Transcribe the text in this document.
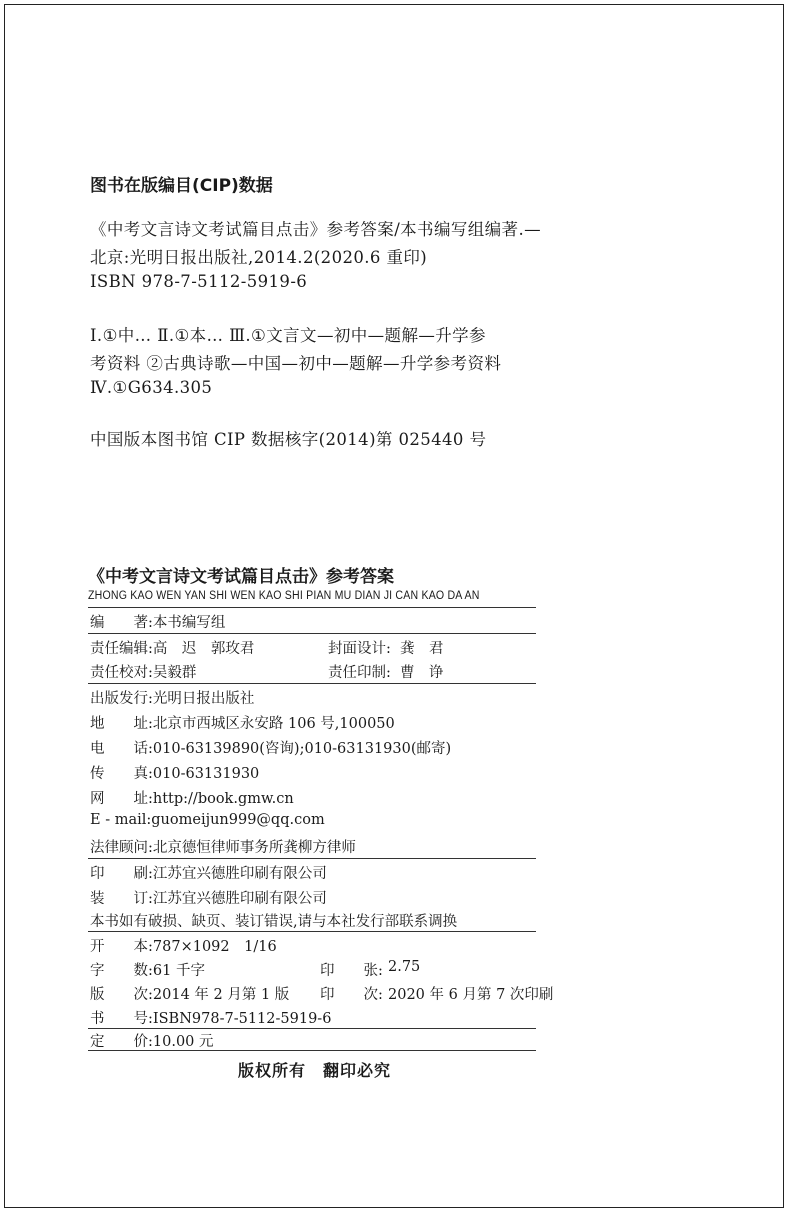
图书在版编目(CIP)数据
《中考文言诗文考试篇目点击》参考答案/本书编写组编著.—
北京:光明日报出版社,2014.2(2020.6 重印)
ISBN 978-7-5112-5919-6
Ⅰ.①中… Ⅱ.①本… Ⅲ.①文言文—初中—题解—升学参
考资料 ②古典诗歌—中国—初中—题解—升学参考资料
Ⅳ.①G634.305
中国版本图书馆 CIP 数据核字(2014)第 025440 号
《中考文言诗文考试篇目点击》参考答案
ZHONG KAO WEN YAN SHI WEN KAO SHI PIAN MU DIAN JI CAN KAO DA AN
编　　著:本书编写组
责任编辑:高　迟　郭玫君	封面设计: 龚　君
责任校对:吴毅群	责任印制: 曹　诤
出版发行:光明日报出版社
地　　址:北京市西城区永安路 106 号,100050
电　　话:010-63139890(咨询);010-63131930(邮寄)
传　　真:010-63131930
网　　址:http://book.gmw.cn
E - mail:guomeijun999@qq.com
法律顾问:北京德恒律师事务所龚柳方律师
印　　刷:江苏宜兴德胜印刷有限公司
装　　订:江苏宜兴德胜印刷有限公司
本书如有破损、缺页、装订错误,请与本社发行部联系调换
开　　本:787×1092　1/16
字　　数:61 千字	印　　张: 2.75
版　　次:2014 年 2 月第 1 版 印　　次: 2020 年 6 月第 7 次印刷
书　　号:ISBN978-7-5112-5919-6
定　　价:10.00 元
版权所有　翻印必究
